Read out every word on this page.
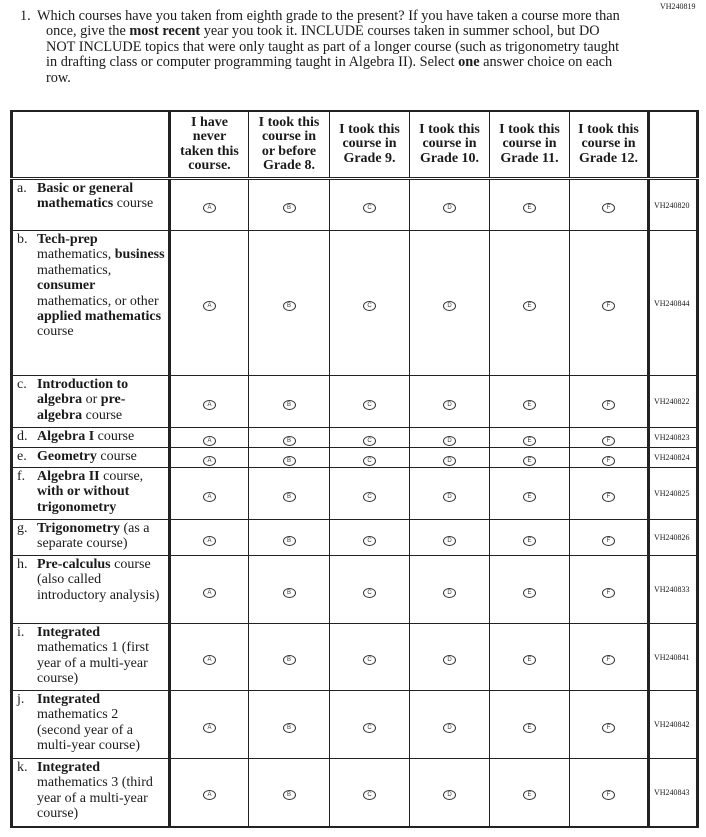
VH240819
1. Which courses have you taken from eighth grade to the present? If you have taken a course more than once, give the most recent year you took it. INCLUDE courses taken in summer school, but DO NOT INCLUDE topics that were only taught as part of a longer course (such as trigonometry taught in drafting class or computer programming taught in Algebra II). Select one answer choice on each row.

	I have
never
taken this
course.	I took this
course in
or before
Grade 8.	I took this
course in
Grade 9.	I took this
course in
Grade 10.	I took this
course in
Grade 11.	I took this
course in
Grade 12.	
a. Basic or general mathematics course	A	B	C	D	E	F	VH240820
b. Tech-prep mathematics, business mathematics, consumer mathematics, or other applied mathematics course	A	B	C	D	E	F	VH240844
c. Introduction to algebra or pre-algebra course	A	B	C	D	E	F	VH240822
d. Algebra I course	A	B	C	D	E	F	VH240823
e. Geometry course	A	B	C	D	E	F	VH240824
f. Algebra II course, with or without trigonometry	A	B	C	D	E	F	VH240825
g. Trigonometry (as a separate course)	A	B	C	D	E	F	VH240826
h. Pre-calculus course (also called introductory analysis)	A	B	C	D	E	F	VH240833
i. Integrated mathematics 1 (first year of a multi-year course)	A	B	C	D	E	F	VH240841
j. Integrated mathematics 2 (second year of a multi-year course)	A	B	C	D	E	F	VH240842
k. Integrated mathematics 3 (third year of a multi-year course)	A	B	C	D	E	F	VH240843
